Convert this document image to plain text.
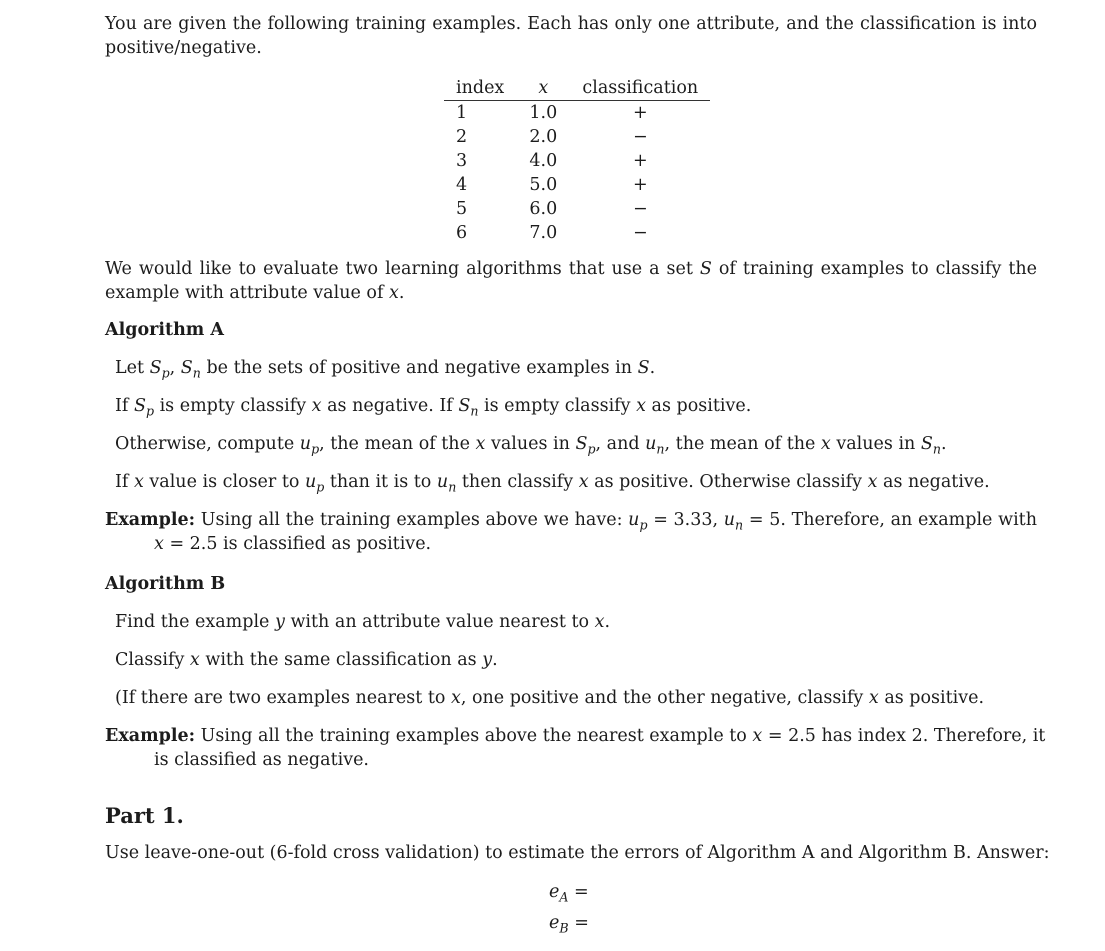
You are given the following training examples. Each has only one attribute, and the classification is into
positive/negative.
index	x	classification
1	1.0	+
2	2.0	−
3	4.0	+
4	5.0	+
5	6.0	−
6	7.0	−
We would like to evaluate two learning algorithms that use a set S of training examples to classify the
example with attribute value of x.
Algorithm A
Let $S_p$, $S_n$ be the sets of positive and negative examples in S.
If $S_p$ is empty classify x as negative. If $S_n$ is empty classify x as positive.
Otherwise, compute $u_p$, the mean of the x values in $S_p$, and $u_n$, the mean of the x values in $S_n$.
If x value is closer to $u_p$ than it is to $u_n$ then classify x as positive. Otherwise classify x as negative.
Example: Using all the training examples above we have: $u_p = 3.33$, $u_n = 5$. Therefore, an example with
x = 2.5 is classified as positive.
Algorithm B
Find the example y with an attribute value nearest to x.
Classify x with the same classification as y.
(If there are two examples nearest to x, one positive and the other negative, classify x as positive.
Example: Using all the training examples above the nearest example to x = 2.5 has index 2. Therefore, it
is classified as negative.
Part 1.
Use leave-one-out (6-fold cross validation) to estimate the errors of Algorithm A and Algorithm B. Answer:
$e_A$ =
$e_B$ =
